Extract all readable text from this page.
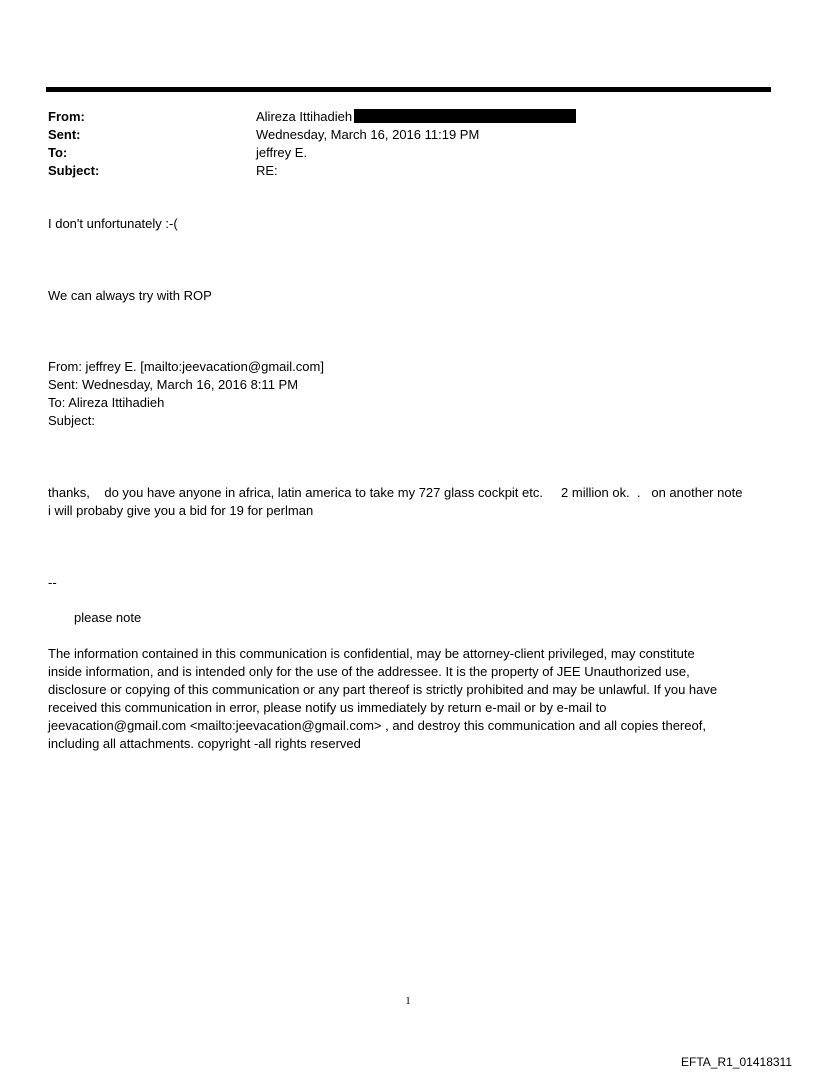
From:	Alireza Ittihadieh
Sent:	Wednesday, March 16, 2016 11:19 PM
To:	jeffrey E.
Subject:	RE:
I don't unfortunately :-(
We can always try with ROP
From: jeffrey E. [mailto:jeevacation@gmail.com]
Sent: Wednesday, March 16, 2016 8:11 PM
To: Alireza Ittihadieh
Subject:
thanks,    do you have anyone in africa, latin america to take my 727 glass cockpit etc.     2 million ok.  .   on another note
i will probaby give you a bid for 19 for perlman
--
please note
The information contained in this communication is confidential, may be attorney-client privileged, may constitute
inside information, and is intended only for the use of the addressee. It is the property of JEE Unauthorized use,
disclosure or copying of this communication or any part thereof is strictly prohibited and may be unlawful. If you have
received this communication in error, please notify us immediately by return e-mail or by e-mail to
jeevacation@gmail.com <mailto:jeevacation@gmail.com> , and destroy this communication and all copies thereof,
including all attachments. copyright -all rights reserved
1
EFTA_R1_01418311
